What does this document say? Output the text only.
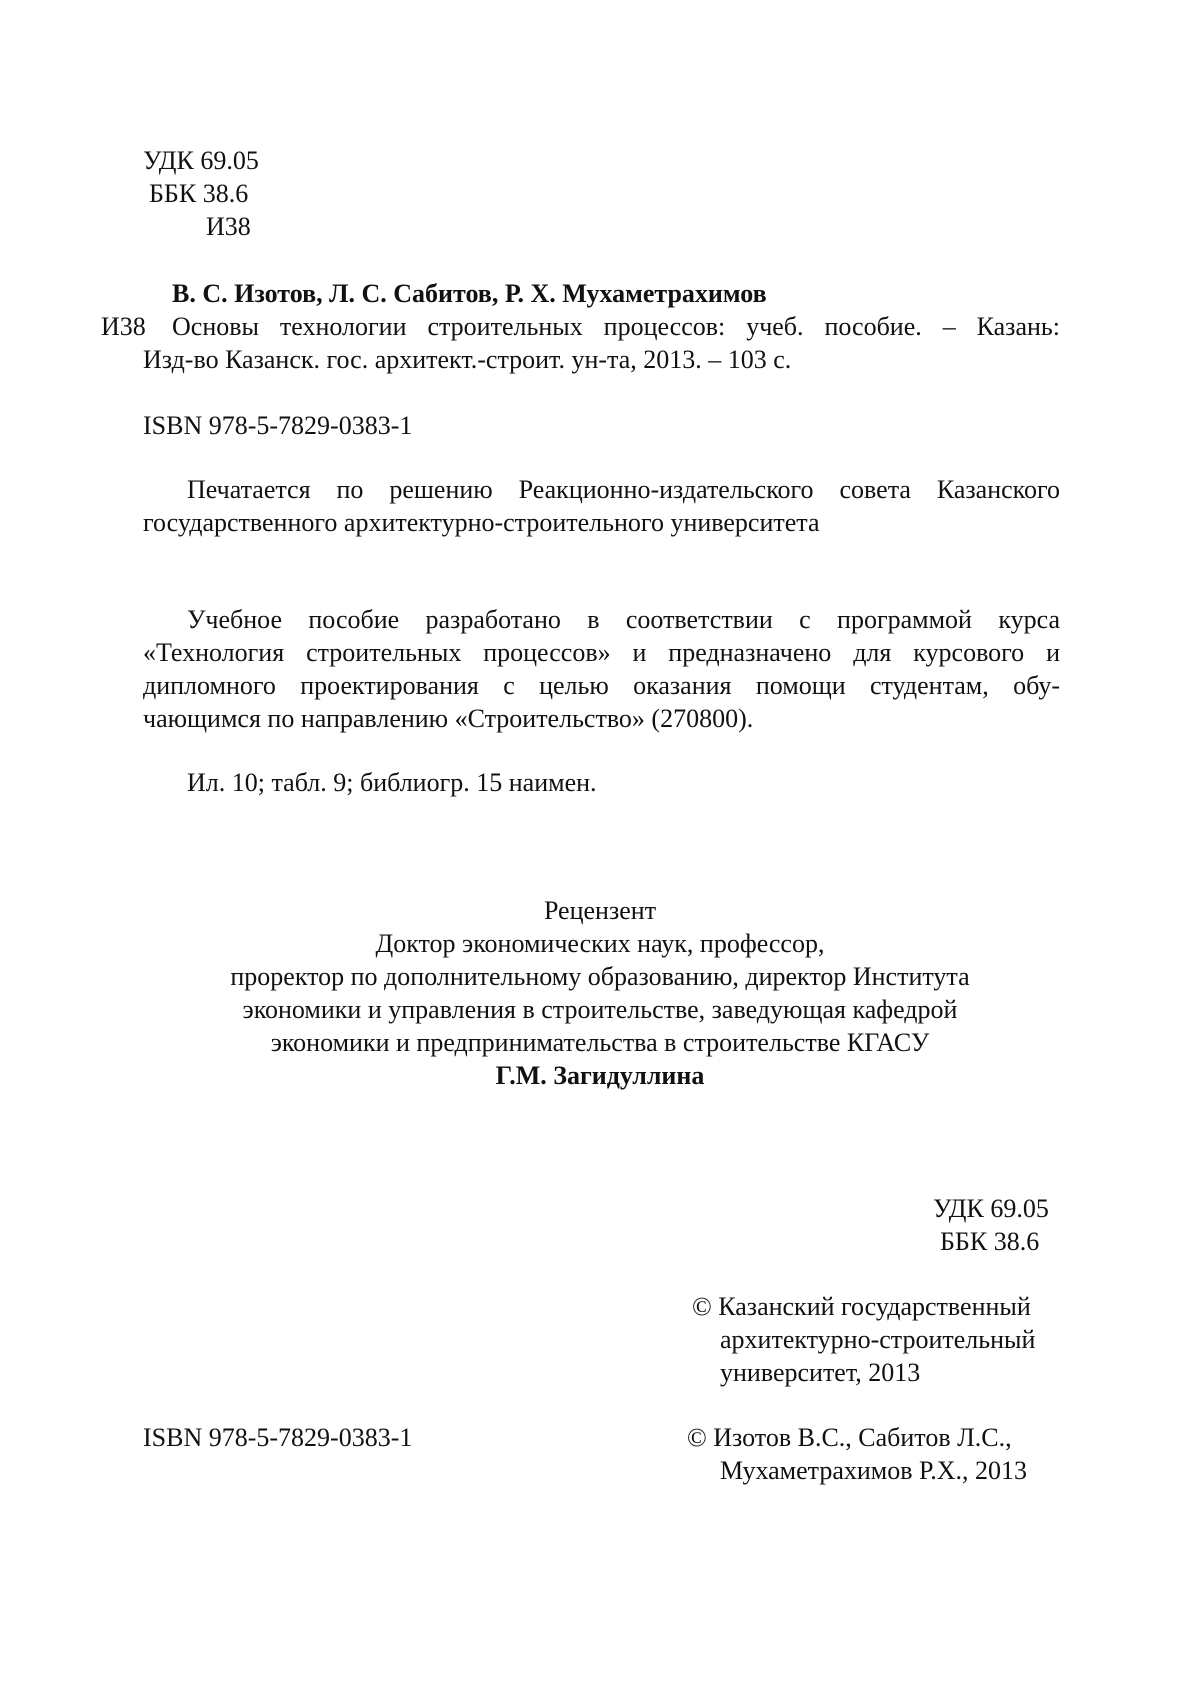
УДК 69.05
ББК 38.6
И38
В. С. Изотов, Л. С. Сабитов, Р. Х. Мухаметрахимов
И38 Основы технологии строительных процессов: учеб. пособие. – Казань:
Изд-во Казанск. гос. архитект.-строит. ун-та, 2013. – 103 с.
ISBN 978-5-7829-0383-1
Печатается по решению Реакционно-издательского совета Казанского
государственного архитектурно-строительного университета
Учебное пособие разработано в соответствии с программой курса
«Технология строительных процессов» и предназначено для курсового и
дипломного проектирования с целью оказания помощи студентам, обу-
чающимся по направлению «Строительство» (270800).
Ил. 10; табл. 9; библиогр. 15 наимен.
Рецензент
Доктор экономических наук, профессор,
проректор по дополнительному образованию, директор Института
экономики и управления в строительстве, заведующая кафедрой
экономики и предпринимательства в строительстве КГАСУ
Г.М. Загидуллина
УДК 69.05
ББК 38.6
© Казанский государственный
архитектурно-строительный
университет, 2013
ISBN 978-5-7829-0383-1	© Изотов В.С., Сабитов Л.С.,
Мухаметрахимов Р.Х., 2013
